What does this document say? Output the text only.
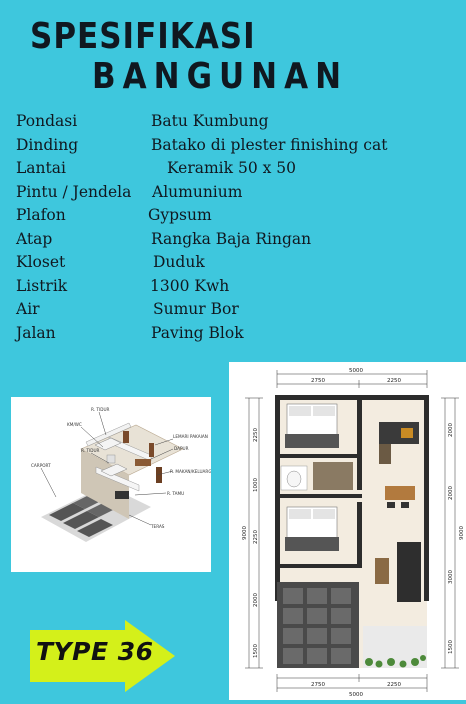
SPESIFIKASI
BANGUNAN
Pondasi	Batu Kumbung
Dinding	Batako di plester finishing cat
Lantai	Keramik 50 x 50
Pintu / Jendela Alumunium
Plafon	Gypsum
Atap	Rangka Baja Ringan
Kloset	Duduk
Listrik	1300 Kwh
Air	Sumur Bor
Jalan	Paving Blok
R. TIDUR
KM/WC
DAPUR
R. MAKAN/KELUARGA
R. TIDUR
R. TAMU
TERAS
CARPORT
LEMARI PAKAIAN
5000
2750	2250
2750	2250
5000
9000
2250
1000
2250
2000
1500
9000
2000
2000
3000
1500
TYPE 36
